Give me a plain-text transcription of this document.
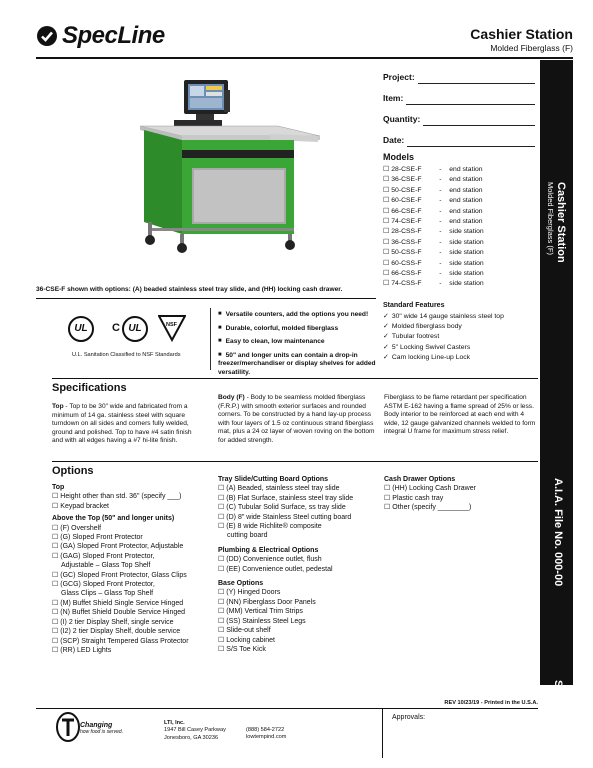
SpecLine	Cashier Station
Molded Fiberglass (F)
Cashier Station
Molded Fiberglass (F)
A.I.A. File No. 000-00
SIS No. 000-00
36-CSE-F shown with options: (A) beaded stainless steel tray slide, and (HH) locking cash drawer.
Project:
Item:
Quantity:
Date:
Models
☐ 28-CSE-F	-	end station
☐ 36-CSE-F	-	end station
☐ 50-CSE-F	-	end station
☐ 60-CSE-F	-	end station
☐ 66-CSE-F	-	end station
☐ 74-CSE-F	-	end station
☐ 28-CSS-F	-	side station
☐ 36-CSS-F	-	side station
☐ 50-CSS-F	-	side station
☐ 60-CSS-F	-	side station
☐ 66-CSS-F	-	side station
☐ 74-CSS-F	-	side station
Standard Features
✓ 30" wide 14 gauge stainless steel top
✓ Molded fiberglass body
✓ Tubular footrest
✓ 5" Locking Swivel Casters
✓ Cam locking Line-up Lock
UL	C UL	NSF
U.L. Sanitation Classified to NSF Standards
■ Versatile counters, add the options you need!
■ Durable, colorful, molded fiberglass
■ Easy to clean, low maintenance
■ 50" and longer units can contain a drop-in freezer/merchandiser or display shelves for added versatility.
Specifications
Top - Top to be 30" wide and fabricated from a minimum of 14 ga. stainless steel with square turndown on all sides and corners fully welded, ground and polished. Top to have #4 satin finish and with all edges having a #7 hi-lite finish.
Body (F) - Body to be seamless molded fiberglass (F.R.P.) with smooth exterior surfaces and rounded corners. To be constructed by a hand lay-up process with four layers of 1.5 oz continuous strand fiberglass mat, plus a 24 oz layer of woven roving on the bottom for added strength.
Fiberglass to be flame retardant per specification ASTM E-162 having a flame spread of 25% or less. Body interior to be reinforced at each end with 4 wide, 12 gauge galvanized channels welded to form integral U frame for maximum stress relief.
Options
Top
☐ Height other than std. 36" (specify ___)
☐ Keypad bracket
Above the Top (50" and longer units)
☐ (F) Overshelf
☐ (G) Sloped Front Protector
☐ (GA) Sloped Front Protector, Adjustable
☐ (GAG) Sloped Front Protector,
Adjustable – Glass Top Shelf
☐ (GC) Sloped Front Protector, Glass Clips
☐ (GCG) Sloped Front Protector,
Glass Clips – Glass Top Shelf
☐ (M) Buffet Shield Single Service Hinged
☐ (N) Buffet Shield Double Service Hinged
☐ (I) 2 tier Display Shelf, single service
☐ (I2) 2 tier Display Shelf, double service
☐ (SCP) Straight Tempered Glass Protector
☐ (RR) LED Lights
Tray Slide/Cutting Board Options
☐ (A) Beaded, stainless steel tray slide
☐ (B) Flat Surface, stainless steel tray slide
☐ (C) Tubular Solid Surface, ss tray slide
☐ (D) 8" wide Stainless Steel cutting board
☐ (E) 8 wide Richlite® composite
cutting board
Plumbing & Electrical Options
☐ (DD) Convenience outlet, flush
☐ (EE) Convenience outlet, pedestal
Base Options
☐ (Y) Hinged Doors
☐ (NN) Fiberglass Door Panels
☐ (MM) Vertical Trim Strips
☐ (SS) Stainless Steel Legs
☐ Slide-out shelf
☐ Locking cabinet
☐ S/S Toe Kick
Cash Drawer Options
☐ (HH) Locking Cash Drawer
☐ Plastic cash tray
☐ Other (specify ________)
REV 10/23/19 - Printed in the U.S.A.
Changing
how food is served.
LTI, Inc.
1947 Bill Casey Parkway
Jonesboro, GA 30236
(888) 584-2722
lowtempind.com
Approvals:
